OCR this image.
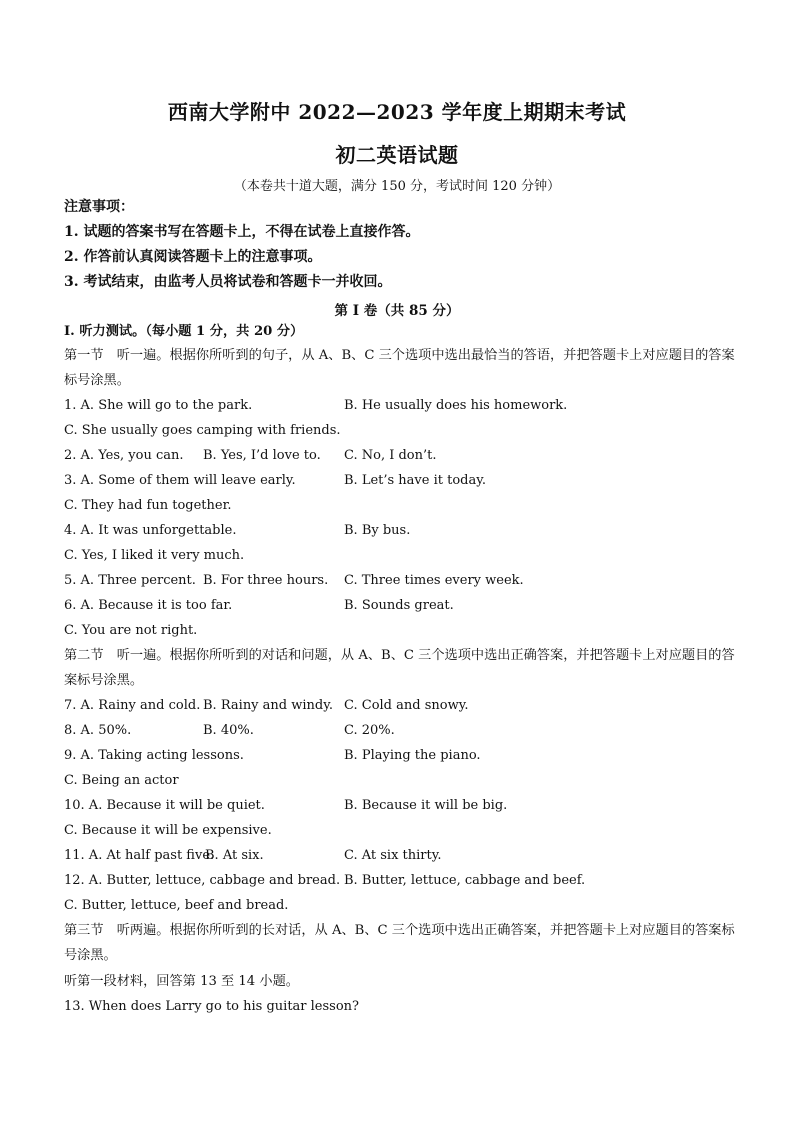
西南大学附中 2022—2023 学年度上期期末考试
初二英语试题
（本卷共十道大题，满分 150 分，考试时间 120 分钟）
注意事项：
1. 试题的答案书写在答题卡上，不得在试卷上直接作答。
2. 作答前认真阅读答题卡上的注意事项。
3. 考试结束，由监考人员将试卷和答题卡一并收回。
第 I 卷（共 85 分）
Ⅰ. 听力测试。（每小题 1 分，共 20 分）
第一节　听一遍。根据你所听到的句子，从 A、B、C 三个选项中选出最恰当的答语，并把答题卡上对应题目的答案标号涂黑。
1. A. She will go to the park.	B. He usually does his homework.
C. She usually goes camping with friends.
2. A. Yes, you can. B. Yes, I’d love to. C. No, I don’t.
3. A. Some of them will leave early.	B. Let’s have it today.
C. They had fun together.
4. A. It was unforgettable.	B. By bus.
C. Yes, I liked it very much.
5. A. Three percent. B. For three hours. C. Three times every week.
6. A. Because it is too far.	B. Sounds great.
C. You are not right.
第二节　听一遍。根据你所听到的对话和问题，从 A、B、C 三个选项中选出正确答案，并把答题卡上对应题目的答案标号涂黑。
7. A. Rainy and cold. B. Rainy and windy. C. Cold and snowy.
8. A. 50%.	B. 40%.	C. 20%.
9. A. Taking acting lessons.	B. Playing the piano.
C. Being an actor
10. A. Because it will be quiet.	B. Because it will be big.
C. Because it will be expensive.
11. A. At half past five.
B. At six.	C. At six thirty.
12. A. Butter, lettuce, cabbage and bread. B. Butter, lettuce, cabbage and beef.
C. Butter, lettuce, beef and bread.
第三节　听两遍。根据你所听到的长对话，从 A、B、C 三个选项中选出正确答案，并把答题卡上对应题目的答案标号涂黑。
听第一段材料，回答第 13 至 14 小题。
13. When does Larry go to his guitar lesson?
